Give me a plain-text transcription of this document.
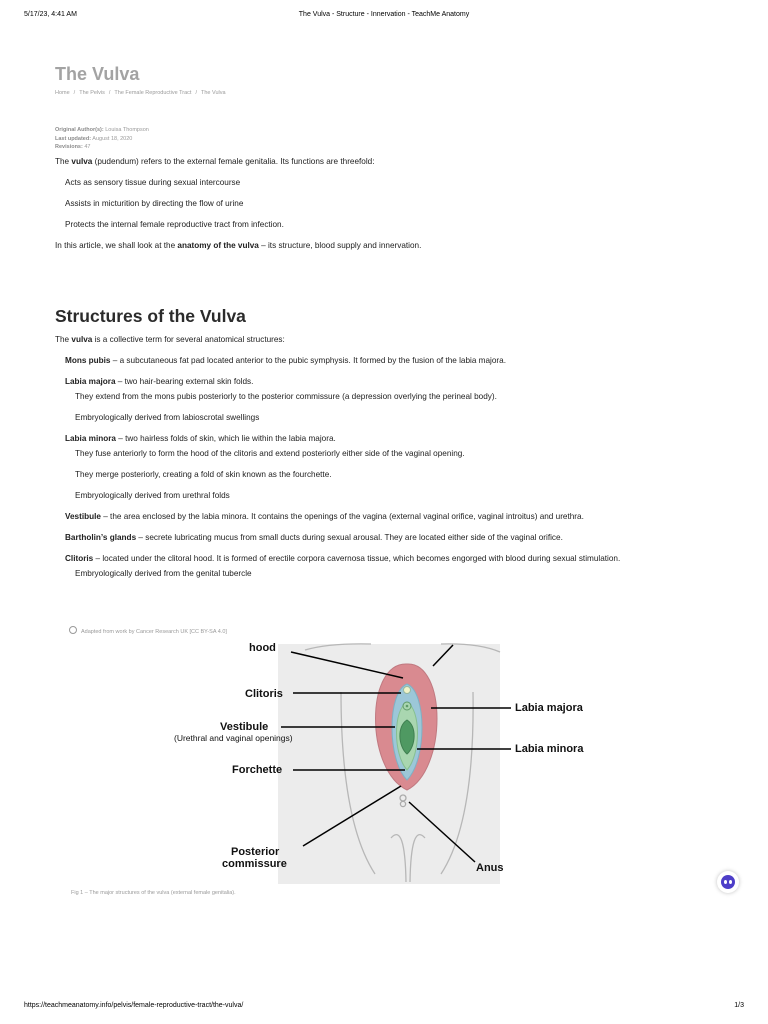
5/17/23, 4:41 AM	The Vulva - Structure - Innervation - TeachMe Anatomy
The Vulva
Home / The Pelvis / The Female Reproductive Tract / The Vulva
Original Author(s): Louisa Thompson
Last updated: August 18, 2020
Revisions: 47

The vulva (pudendum) refers to the external female genitalia. Its functions are threefold:

Acts as sensory tissue during sexual intercourse

Assists in micturition by directing the flow of urine

Protects the internal female reproductive tract from infection.

In this article, we shall look at the anatomy of the vulva – its structure, blood supply and innervation.

Structures of the Vulva

The vulva is a collective term for several anatomical structures:

Mons pubis – a subcutaneous fat pad located anterior to the pubic symphysis. It formed by the fusion of the labia majora.

Labia majora – two hair-bearing external skin folds.

They extend from the mons pubis posteriorly to the posterior commissure (a depression overlying the perineal body).

Embryologically derived from labioscrotal swellings

Labia minora – two hairless folds of skin, which lie within the labia majora.

They fuse anteriorly to form the hood of the clitoris and extend posteriorly either side of the vaginal opening.

They merge posteriorly, creating a fold of skin known as the fourchette.

Embryologically derived from urethral folds

Vestibule – the area enclosed by the labia minora. It contains the openings of the vagina (external vaginal orifice, vaginal introitus) and urethra.

Bartholin’s glands – secrete lubricating mucus from small ducts during sexual arousal. They are located either side of the vaginal orifice.

Clitoris – located under the clitoral hood. It is formed of erectile corpora cavernosa tissue, which becomes engorged with blood during sexual stimulation.

Embryologically derived from the genital tubercle

Adapted from work by Cancer Research UK [CC BY-SA 4.0]
hood
Clitoris
Vestibule
(Urethral and vaginal openings)
Forchette
Posterior
commissure
Labia majora
Labia minora
Anus
Fig 1 – The major structures of the vulva (external female genitalia).
https://teachmeanatomy.info/pelvis/female-reproductive-tract/the-vulva/	1/3
